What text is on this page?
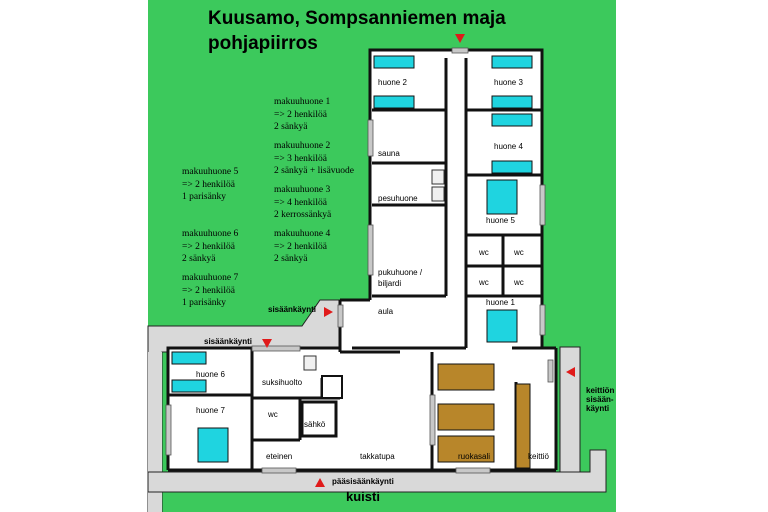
Kuusamo, Sompsanniemen maja
pohjapiirros
makuuhuone 1
=> 2 henkilöä
2 sänkyä
makuuhuone 2
=> 3 henkilöä
2 sänkyä + lisävuode
makuuhuone 3
=> 4 henkilöä
2 kerrossänkyä
makuuhuone 4
=> 2 henkilöä
2 sänkyä
makuuhuone 5
=> 2 henkilöä
1 parisänky
makuuhuone 6
=> 2 henkilöä
2 sänkyä
makuuhuone 7
=> 2 henkilöä
1 parisänky
huone 2	huone 3
huone 4
huone 5
huone 1
sauna
pesuhuone
pukuhuone /
biljardi
wc	wc
wc	wc
aula
huone 6
huone 7
suksihuolto
wc
sähkö
eteinen	takkatupa	ruokasali	keittiö
sisäänkäynti
sisäänkäynti
pääsisäänkäynti
keittiön
sisään-
käynti
kuisti
